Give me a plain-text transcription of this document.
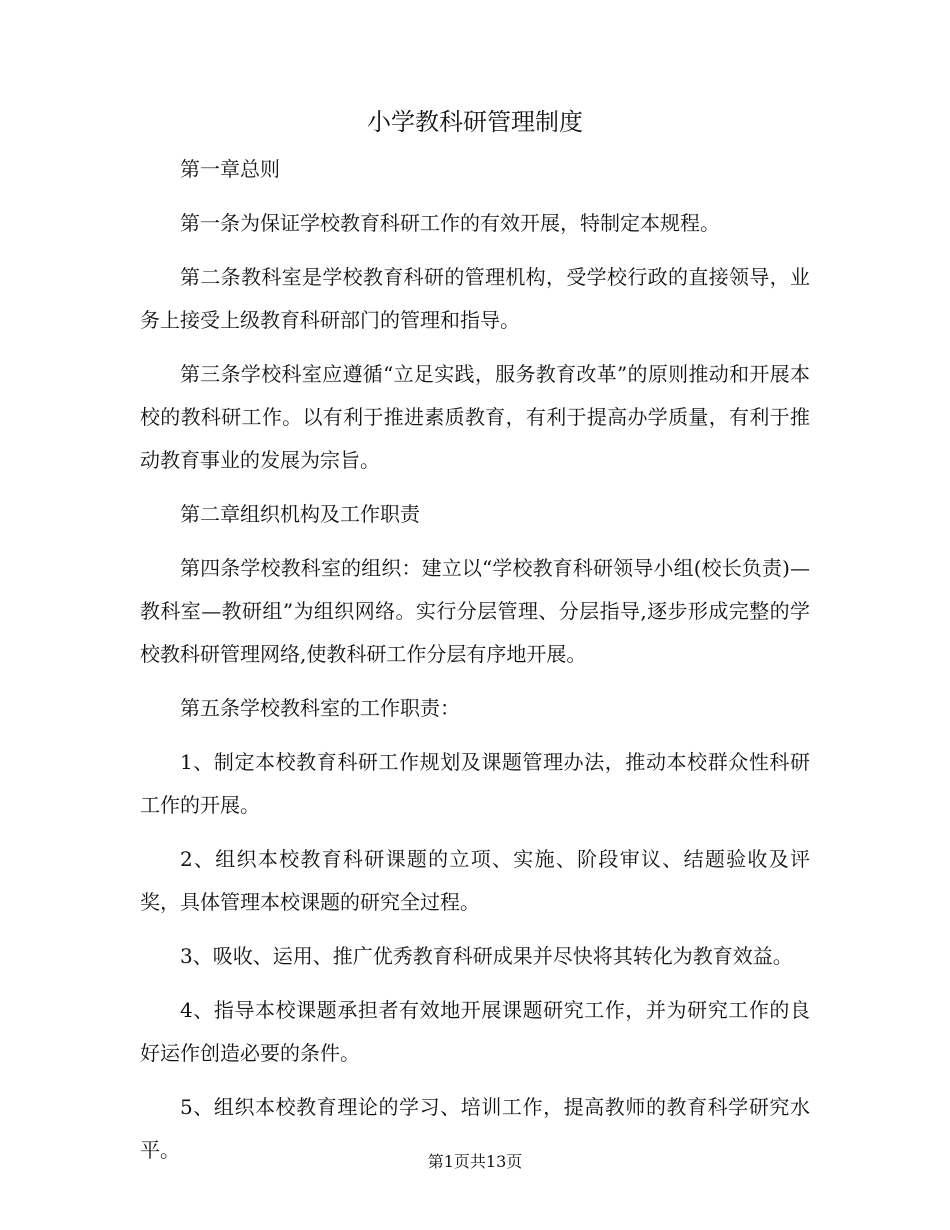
小学教科研管理制度

第一章总则

第一条为保证学校教育科研工作的有效开展，特制定本规程。

第二条教科室是学校教育科研的管理机构，受学校行政的直接领导，业务上接受上级教育科研部门的管理和指导。

第三条学校科室应遵循“立足实践，服务教育改革”的原则推动和开展本校的教科研工作。以有利于推进素质教育，有利于提高办学质量，有利于推动教育事业的发展为宗旨。

第二章组织机构及工作职责

第四条学校教科室的组织：建立以“学校教育科研领导小组(校长负责)—教科室—教研组”为组织网络。实行分层管理、分层指导,逐步形成完整的学校教科研管理网络,使教科研工作分层有序地开展。

第五条学校教科室的工作职责：

1、制定本校教育科研工作规划及课题管理办法，推动本校群众性科研工作的开展。

2、组织本校教育科研课题的立项、实施、阶段审议、结题验收及评奖，具体管理本校课题的研究全过程。

3、吸收、运用、推广优秀教育科研成果并尽快将其转化为教育效益。

4、指导本校课题承担者有效地开展课题研究工作，并为研究工作的良好运作创造必要的条件。

5、组织本校教育理论的学习、培训工作，提高教师的教育科学研究水平。	第1页共13页
